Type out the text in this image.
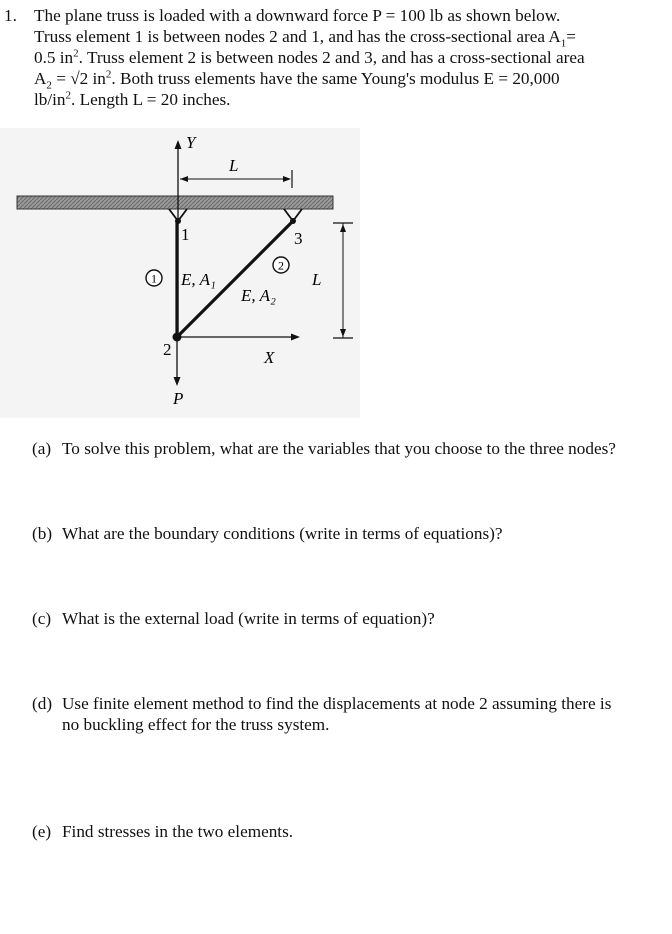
1. The plane truss is loaded with a downward force P = 100 lb as shown below.
Truss element 1 is between nodes 2 and 1, and has the cross-sectional area $A_1=$
0.5 $in^2$. Truss element 2 is between nodes 2 and 3, and has a cross-sectional area
$A_2 = √2$ $in^2$. Both truss elements have the same Young's modulus E = 20,000
$lb/in^2$. Length L = 20 inches.
Y
L
1	3
2
1 E, A₁
2
E, A₂
L
X
P
(a) To solve this problem, what are the variables that you choose to the three nodes?
(b) What are the boundary conditions (write in terms of equations)?
(c) What is the external load (write in terms of equation)?
(d) Use finite element method to find the displacements at node 2 assuming there is
no buckling effect for the truss system.
(e) Find stresses in the two elements.
